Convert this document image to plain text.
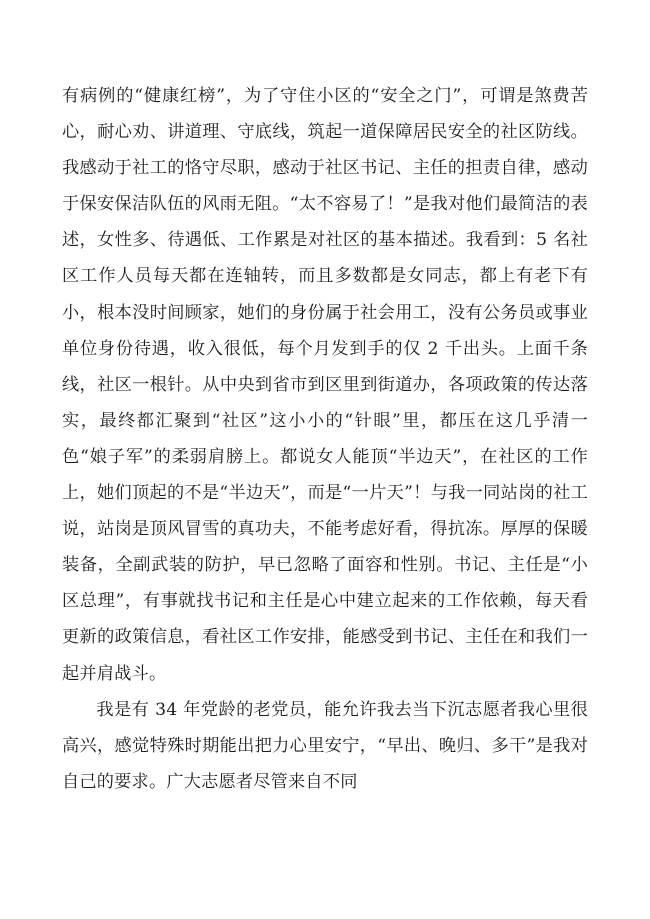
有病例的“健康红榜”，为了守住小区的“安全之门”，可谓是煞费苦心，耐心劝、讲道理、守底线，筑起一道保障居民安全的社区防线。我感动于社工的恪守尽职，感动于社区书记、主任的担责自律，感动于保安保洁队伍的风雨无阻。“太不容易了！”是我对他们最简洁的表述，女性多、待遇低、工作累是对社区的基本描述。我看到：5 名社区工作人员每天都在连轴转，而且多数都是女同志，都上有老下有小，根本没时间顾家，她们的身份属于社会用工，没有公务员或事业单位身份待遇，收入很低，每个月发到手的仅 2 千出头。上面千条线，社区一根针。从中央到省市到区里到街道办，各项政策的传达落实，最终都汇聚到“社区”这小小的“针眼”里，都压在这几乎清一色“娘子军”的柔弱肩膀上。都说女人能顶“半边天”，在社区的工作上，她们顶起的不是“半边天”，而是“一片天”！与我一同站岗的社工说，站岗是顶风冒雪的真功夫，不能考虑好看，得抗冻。厚厚的保暖装备，全副武装的防护，早已忽略了面容和性别。书记、主任是“小区总理”，有事就找书记和主任是心中建立起来的工作依赖，每天看更新的政策信息，看社区工作安排，能感受到书记、主任在和我们一起并肩战斗。

我是有 34 年党龄的老党员，能允许我去当下沉志愿者我心里很高兴，感觉特殊时期能出把力心里安宁，“早出、晚归、多干”是我对自己的要求。广大志愿者尽管来自不同
